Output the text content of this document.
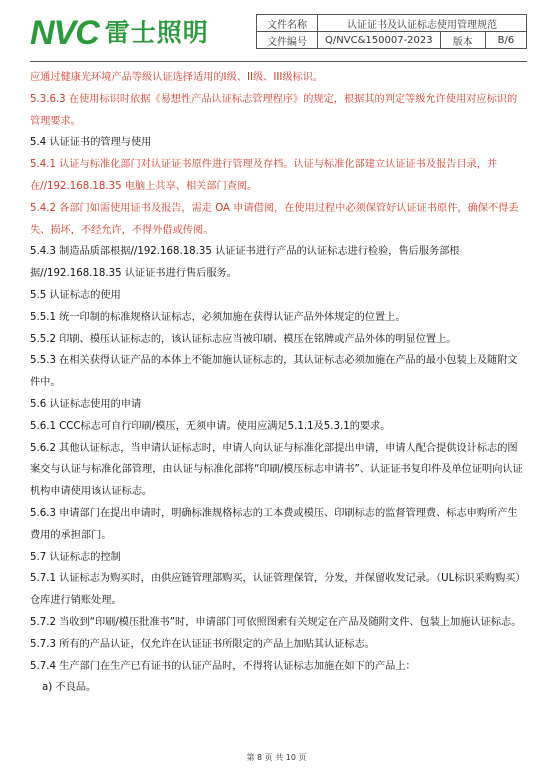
NVC 雷士照明	文件名称	认证证书及认证标志使用管理规范		
文件编号	Q/NVC&150007-2023	版本	B/6

应通过健康光环境产品等级认证选择适用的I级、II级、III级标识。

5.3.6.3 在使用标识时依据《易想性产品认证标志管理程序》的规定，根据其的判定等级允许使用对应标识的管理要求。

5.4 认证证书的管理与使用

5.4.1 认证与标准化部门对认证证书原件进行管理及存档。认证与标准化部建立认证证书及报告目录，并在//192.168.18.35 电脑上共享、相关部门查阅。

5.4.2 各部门如需使用证书及报告，需走 OA 申请借阅，在使用过程中必须保管好认证证书原件，确保不得丢失、损坏，不经允许，不得外借或传阅。

5.4.3 制造品质部根据//192.168.18.35 认证证书进行产品的认证标志进行检验，售后服务部根据//192.168.18.35 认证证书进行售后服务。

5.5 认证标志的使用

5.5.1 统一印制的标准规格认证标志，必须加施在获得认证产品外体规定的位置上。

5.5.2 印刷、模压认证标志的，该认证标志应当被印刷、模压在铭牌或产品外体的明显位置上。

5.5.3 在相关获得认证产品的本体上不能加施认证标志的，其认证标志必须加施在产品的最小包装上及随附文件中。

5.6 认证标志使用的申请

5.6.1 CCC标志可自行印刷/模压，无须申请。使用应满足5.1.1及5.3.1的要求。

5.6.2 其他认证标志，当申请认证标志时，申请人向认证与标准化部提出申请，申请人配合提供设计标志的图案交与认证与标准化部管理，由认证与标准化部将“印刷/模压标志申请书”、认证证书复印件及单位证明向认证机构申请使用该认证标志。

5.6.3 申请部门在提出申请时，明确标准规格标志的工本费或模压、印刷标志的监督管理费、标志申购所产生费用的承担部门。

5.7 认证标志的控制

5.7.1 认证标志为购买时，由供应链管理部购买，认证管理保管，分发，并保留收发记录。（UL标识采购购买）仓库进行销账处理。

5.7.2 当收到“印刷/模压批准书”时，申请部门可依照图索有关规定在产品及随附文件、包装上加施认证标志。

5.7.3 所有的产品认证，仅允许在认证证书所限定的产品上加贴其认证标志。

5.7.4 生产部门在生产已有证书的认证产品时，不得将认证标志加施在如下的产品上：

a) 不良品。

第 8 页 共 10 页
